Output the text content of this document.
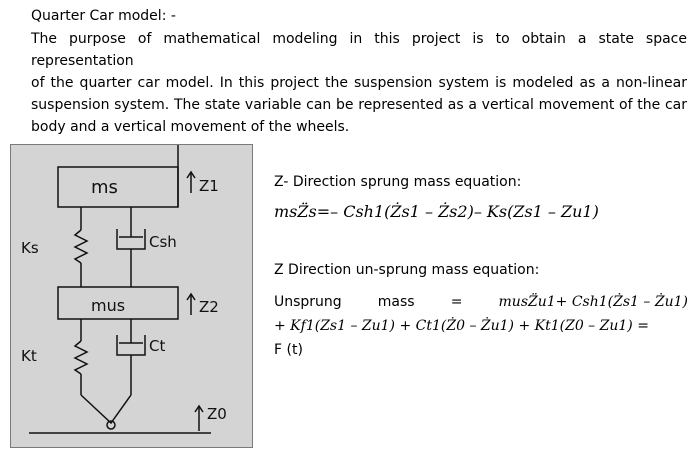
Quarter Car model: -
The purpose of mathematical modeling in this project is to obtain a state space representation
of the quarter car model. In this project the suspension system is modeled as a non-linear
suspension system. The state variable can be represented as a vertical movement of the car
body and a vertical movement of the wheels.
ms	Z1
Ks	Csh
mus	Z2
Kt
Ct
Z0
Z- Direction sprung mass equation:
msZ̈s=– Csh1(Żs1 – Żs2)– Ks(Zs1 – Zu1)
Z Direction un-sprung mass equation:
Unsprung	mass	=	musZ̈u1+ Csh1(Żs1 – Żu1)
+ Kf1(Zs1 – Zu1) + Ct1(Ż0 – Żu1) + Kt1(Z0 – Zu1) =
F (t)
